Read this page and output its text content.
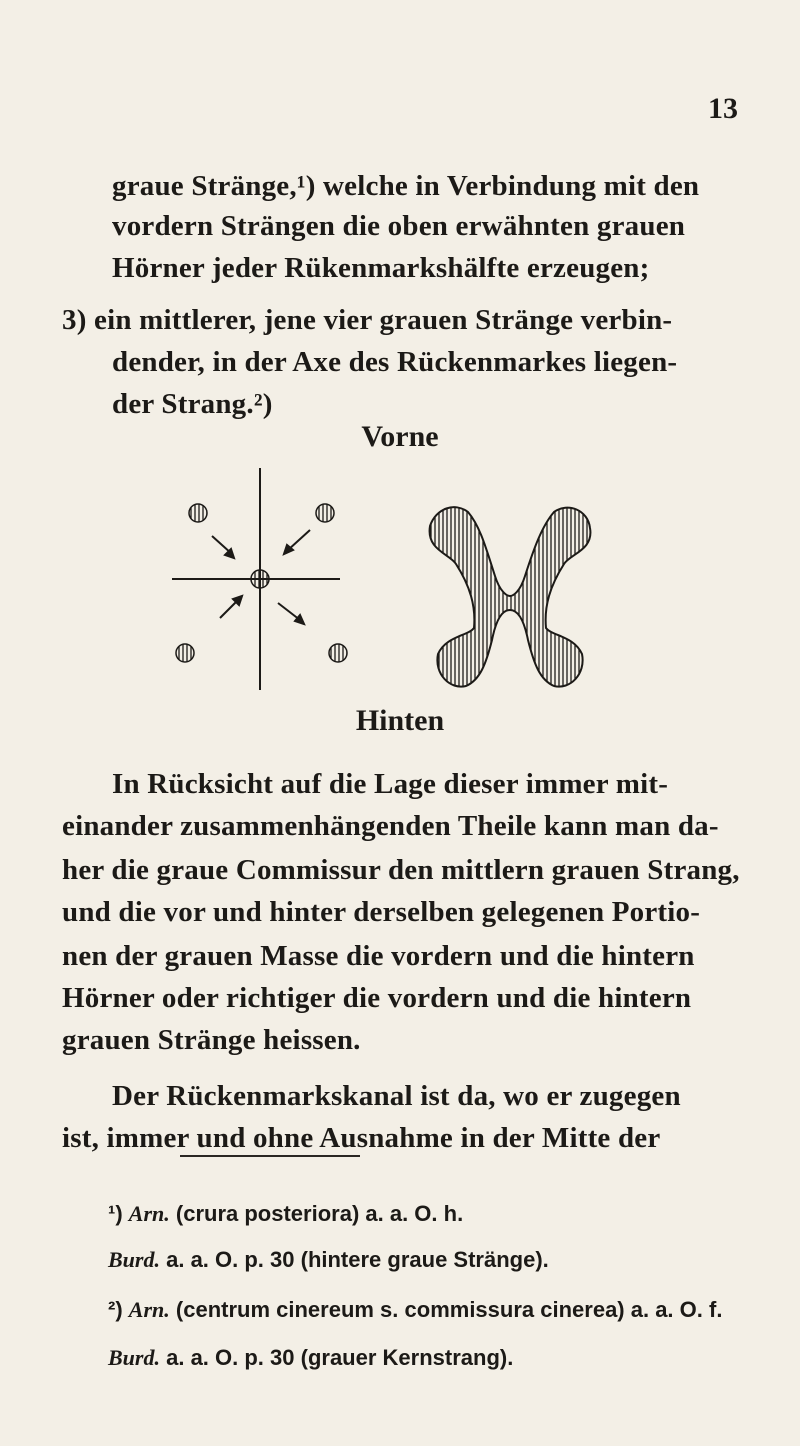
13
graue Stränge,¹) welche in Verbindung mit den
vordern Strängen die oben erwähnten grauen
Hörner jeder Rükenmarkshälfte erzeugen;
3) ein mittlerer, jene vier grauen Stränge verbin-
dender, in der Axe des Rückenmarkes liegen-
der Strang.²)
Vorne
Hinten
In Rücksicht auf die Lage dieser immer mit-
einander zusammenhängenden Theile kann man da-
her die graue Commissur den mittlern grauen Strang,
und die vor und hinter derselben gelegenen Portio-
nen der grauen Masse die vordern und die hintern
Hörner oder richtiger die vordern und die hintern
grauen Stränge heissen.
Der Rückenmarkskanal ist da, wo er zugegen
ist, immer und ohne Ausnahme in der Mitte der
¹) Arn. (crura posteriora) a. a. O. h.
Burd. a. a. O. p. 30 (hintere graue Stränge).
²) Arn. (centrum cinereum s. commissura cinerea) a. a. O. f.
Burd. a. a. O. p. 30 (grauer Kernstrang).
